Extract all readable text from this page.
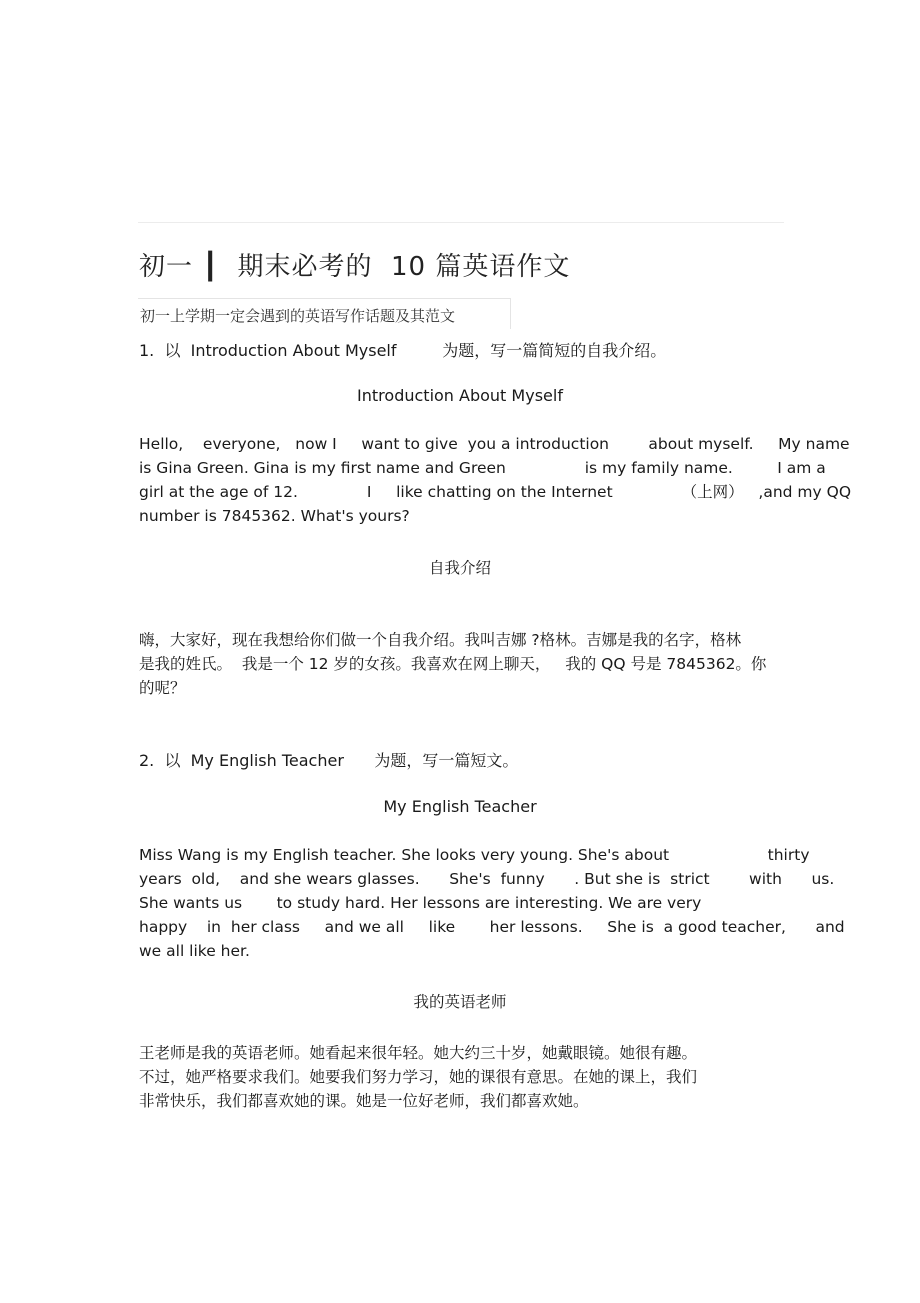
初一 ┃  期末必考的  10 篇英语作文
初一上学期一定会遇到的英语写作话题及其范文
1.  以  Introduction About Myself         为题，写一篇简短的自我介绍。
Introduction About Myself
Hello,    everyone,   now I     want to give  you a introduction        about myself.     My name
is Gina Green. Gina is my first name and Green                is my family name.         I am a
girl at the age of 12.              I     like chatting on the Internet              （上网）   ,and my QQ
number is 7845362. What's yours?
自我介绍
嗨，大家好，现在我想给你们做一个自我介绍。我叫吉娜 ?格林。吉娜是我的名字，格林
是我的姓氏。  我是一个 12 岁的女孩。我喜欢在网上聊天，   我的 QQ 号是 7845362。你
的呢？
2.  以  My English Teacher      为题，写一篇短文。
My English Teacher
Miss Wang is my English teacher. She looks very young. She's about                    thirty
years  old,    and she wears glasses.      She's  funny      . But she is  strict        with      us.
She wants us       to study hard. Her lessons are interesting. We are very
happy    in  her class     and we all     like       her lessons.     She is  a good teacher,      and
we all like her.
我的英语老师
王老师是我的英语老师。她看起来很年轻。她大约三十岁，她戴眼镜。她很有趣。
不过，她严格要求我们。她要我们努力学习，她的课很有意思。在她的课上，我们
非常快乐，我们都喜欢她的课。她是一位好老师，我们都喜欢她。
